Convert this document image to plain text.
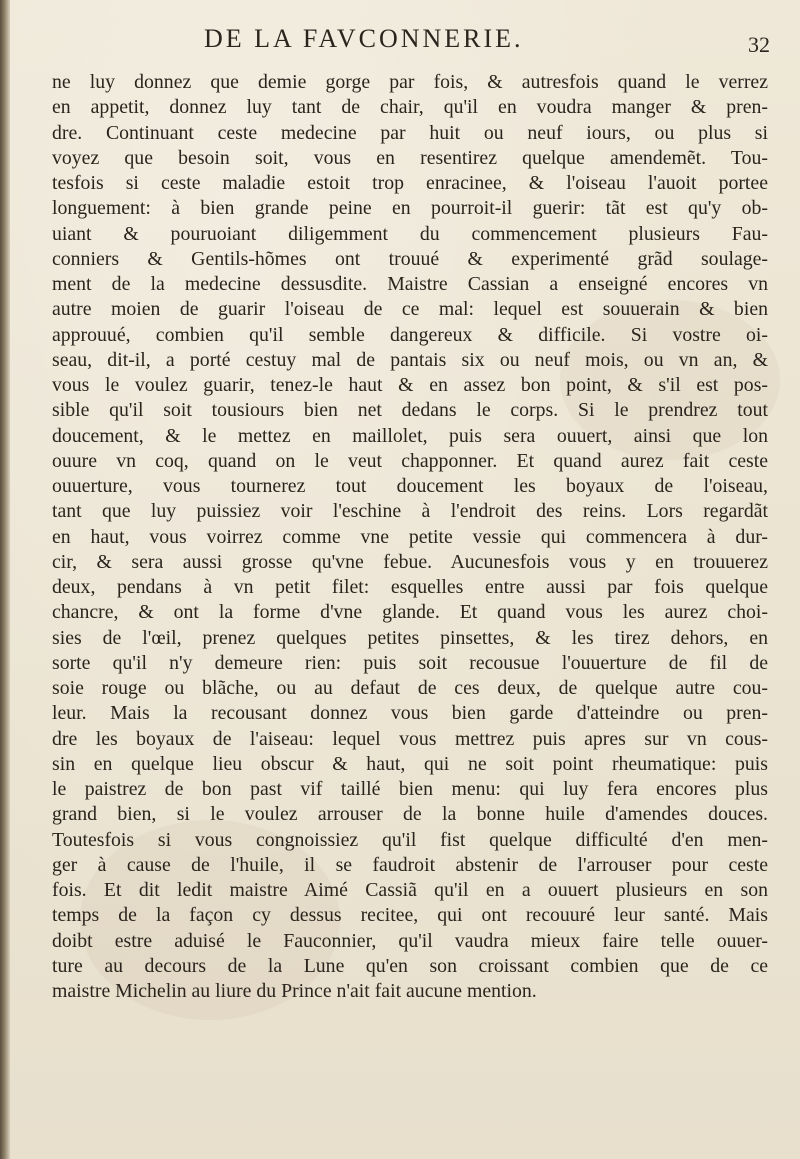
DE LA FAVCONNERIE.	32
ne luy donnez que demie gorge par fois, & autresfois quand le verrez
en appetit, donnez luy tant de chair, qu'il en voudra manger & pren-
dre. Continuant ceste medecine par huit ou neuf iours, ou plus si
voyez que besoin soit, vous en resentirez quelque amendemẽt. Tou-
tesfois si ceste maladie estoit trop enracinee, & l'oiseau l'auoit portee
longuement: à bien grande peine en pourroit-il guerir: tãt est qu'y ob-
uiant & pouruoiant diligemment du commencement plusieurs Fau-
conniers & Gentils-hõmes ont trouué & experimenté grãd soulage-
ment de la medecine dessusdite. Maistre Cassian a enseigné encores vn
autre moien de guarir l'oiseau de ce mal: lequel est souuerain & bien
approuué, combien qu'il semble dangereux & difficile. Si vostre oi-
seau, dit-il, a porté cestuy mal de pantais six ou neuf mois, ou vn an, &
vous le voulez guarir, tenez-le haut & en assez bon point, & s'il est pos-
sible qu'il soit tousiours bien net dedans le corps. Si le prendrez tout
doucement, & le mettez en maillolet, puis sera ouuert, ainsi que lon
ouure vn coq, quand on le veut chapponner. Et quand aurez fait ceste
ouuerture, vous tournerez tout doucement les boyaux de l'oiseau,
tant que luy puissiez voir l'eschine à l'endroit des reins. Lors regardãt
en haut, vous voirrez comme vne petite vessie qui commencera à dur-
cir, & sera aussi grosse qu'vne febue. Aucunesfois vous y en trouuerez
deux, pendans à vn petit filet: esquelles entre aussi par fois quelque
chancre, & ont la forme d'vne glande. Et quand vous les aurez choi-
sies de l'œil, prenez quelques petites pinsettes, & les tirez dehors, en
sorte qu'il n'y demeure rien: puis soit recousue l'ouuerture de fil de
soie rouge ou blãche, ou au defaut de ces deux, de quelque autre cou-
leur. Mais la recousant donnez vous bien garde d'atteindre ou pren-
dre les boyaux de l'aiseau: lequel vous mettrez puis apres sur vn cous-
sin en quelque lieu obscur & haut, qui ne soit point rheumatique: puis
le paistrez de bon past vif taillé bien menu: qui luy fera encores plus
grand bien, si le voulez arrouser de la bonne huile d'amendes douces.
Toutesfois si vous congnoissiez qu'il fist quelque difficulté d'en men-
ger à cause de l'huile, il se faudroit abstenir de l'arrouser pour ceste
fois. Et dit ledit maistre Aimé Cassiã qu'il en a ouuert plusieurs en son
temps de la façon cy dessus recitee, qui ont recouuré leur santé. Mais
doibt estre aduisé le Fauconnier, qu'il vaudra mieux faire telle ouuer-
ture au decours de la Lune qu'en son croissant combien que de ce
maistre Michelin au liure du Prince n'ait fait aucune mention.
